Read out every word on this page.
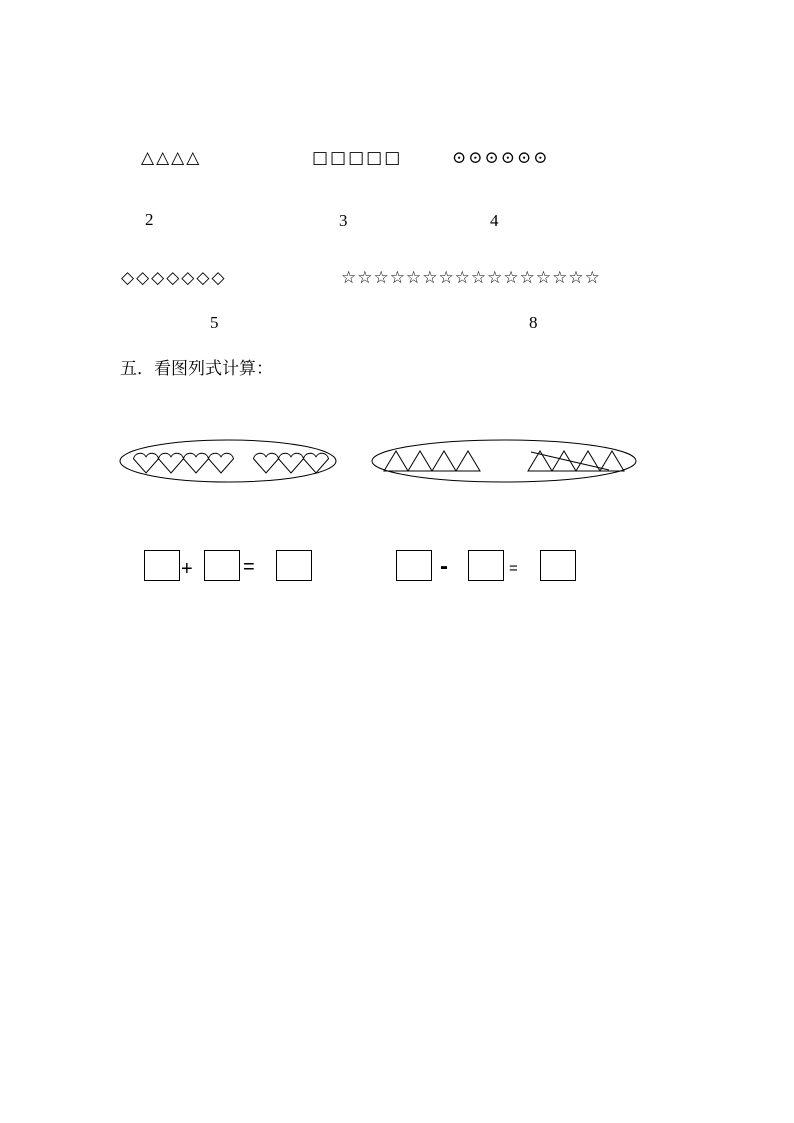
△△△△	□□□□□	⊙⊙⊙⊙⊙⊙
2	3	4
◇◇◇◇◇◇◇	☆☆☆☆☆☆☆☆☆☆☆☆☆☆☆☆
5	8
五．看图列式计算：
+	=	-	=
